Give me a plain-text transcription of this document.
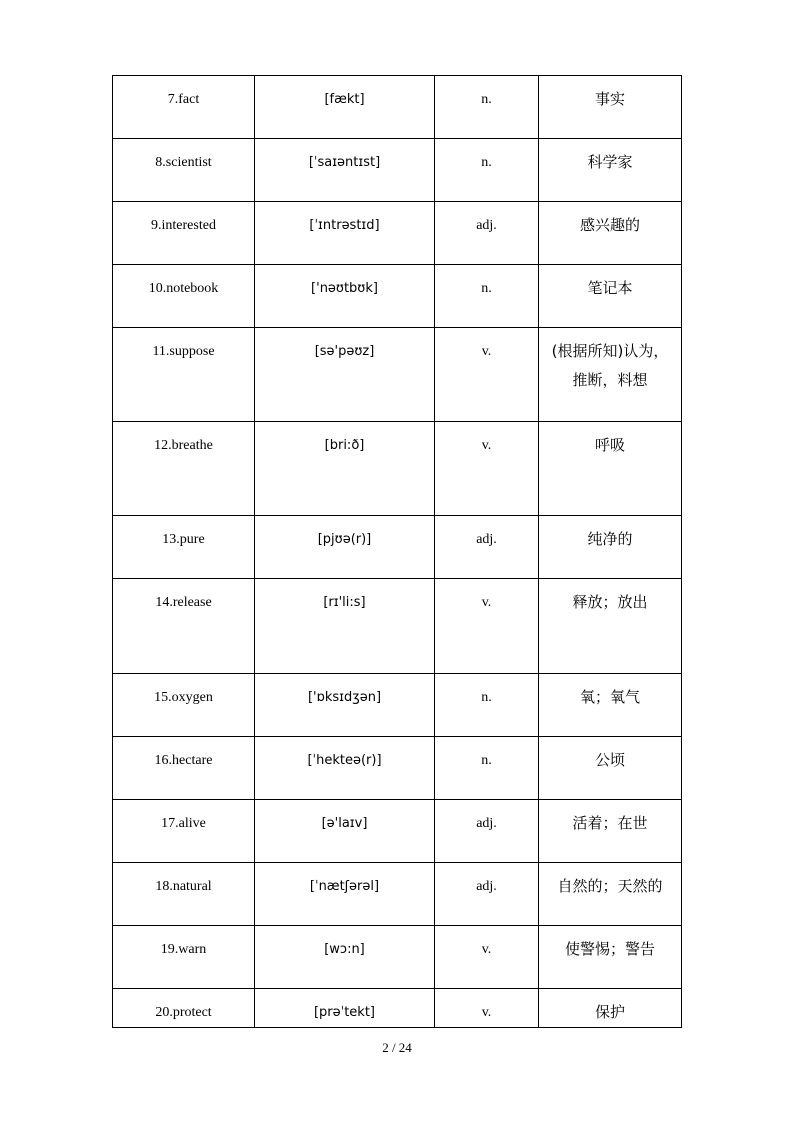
7.fact	[fækt]	n.	事实
8.scientist	[ˈsaɪəntɪst]	n.	科学家
9.interested	[ˈɪntrəstɪd]	adj.	感兴趣的
10.notebook	['nəʊtbʊk]	n.	笔记本
11.suppose	[sə'pəʊz]	v.	(根据所知)认为，推断，料想
12.breathe	[bri:ð]	v.	呼吸
13.pure	[pjʊə(r)]	adj.	纯净的
14.release	[rɪ'li:s]	v.	释放；放出
15.oxygen	['ɒksɪdʒən]	n.	氧；氧气
16.hectare	[ˈhekteə(r)]	n.	公顷
17.alive	[ə'laɪv]	adj.	活着；在世
18.natural	[ˈnætʃərəl]	adj.	自然的；天然的
19.warn	[wɔ:n]	v.	使警惕；警告
20.protect	[prəˈtekt]	v.	保护
2 / 24
